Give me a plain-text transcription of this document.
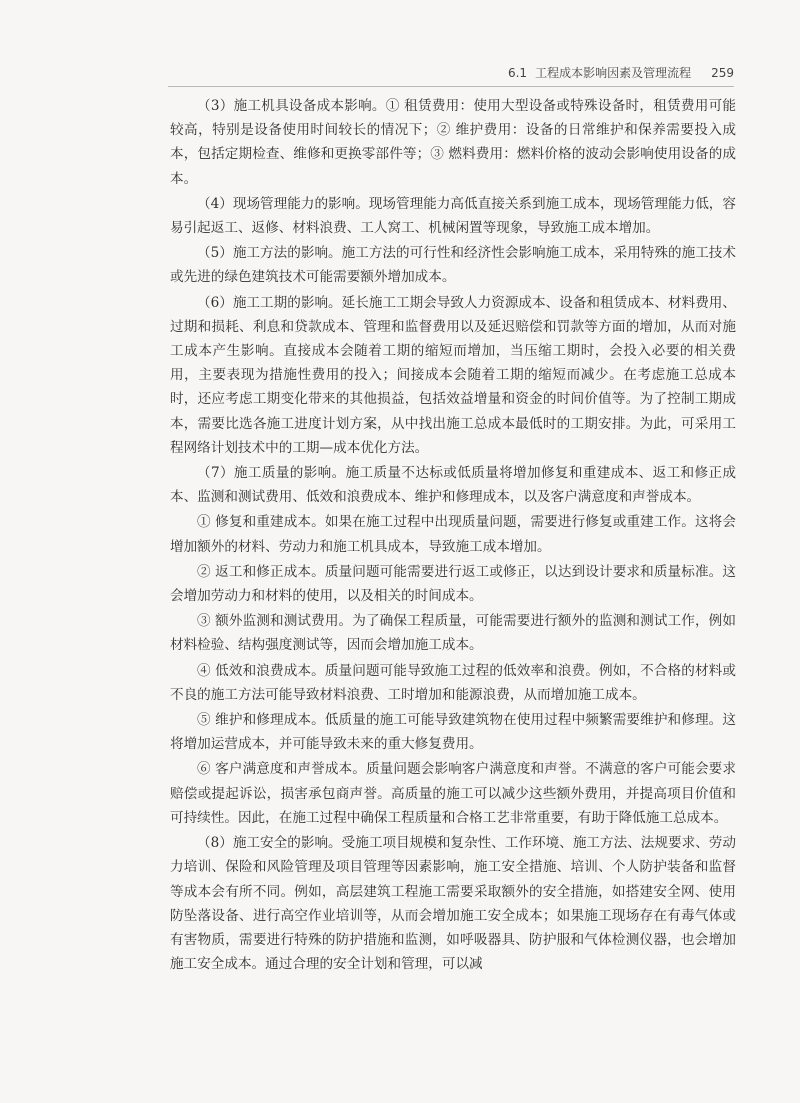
6.1 工程成本影响因素及管理流程 259

（3）施工机具设备成本影响。① 租赁费用：使用大型设备或特殊设备时，租赁费用可能较高，特别是设备使用时间较长的情况下；② 维护费用：设备的日常维护和保养需要投入成本，包括定期检查、维修和更换零部件等；③ 燃料费用：燃料价格的波动会影响使用设备的成本。

（4）现场管理能力的影响。现场管理能力高低直接关系到施工成本，现场管理能力低，容易引起返工、返修、材料浪费、工人窝工、机械闲置等现象，导致施工成本增加。

（5）施工方法的影响。施工方法的可行性和经济性会影响施工成本，采用特殊的施工技术或先进的绿色建筑技术可能需要额外增加成本。

（6）施工工期的影响。延长施工工期会导致人力资源成本、设备和租赁成本、材料费用、过期和损耗、利息和贷款成本、管理和监督费用以及延迟赔偿和罚款等方面的增加，从而对施工成本产生影响。直接成本会随着工期的缩短而增加，当压缩工期时，会投入必要的相关费用，主要表现为措施性费用的投入；间接成本会随着工期的缩短而减少。在考虑施工总成本时，还应考虑工期变化带来的其他损益，包括效益增量和资金的时间价值等。为了控制工期成本，需要比选各施工进度计划方案，从中找出施工总成本最低时的工期安排。为此，可采用工程网络计划技术中的工期—成本优化方法。

（7）施工质量的影响。施工质量不达标或低质量将增加修复和重建成本、返工和修正成本、监测和测试费用、低效和浪费成本、维护和修理成本，以及客户满意度和声誉成本。

① 修复和重建成本。如果在施工过程中出现质量问题，需要进行修复或重建工作。这将会增加额外的材料、劳动力和施工机具成本，导致施工成本增加。

② 返工和修正成本。质量问题可能需要进行返工或修正，以达到设计要求和质量标准。这会增加劳动力和材料的使用，以及相关的时间成本。

③ 额外监测和测试费用。为了确保工程质量，可能需要进行额外的监测和测试工作，例如材料检验、结构强度测试等，因而会增加施工成本。

④ 低效和浪费成本。质量问题可能导致施工过程的低效率和浪费。例如，不合格的材料或不良的施工方法可能导致材料浪费、工时增加和能源浪费，从而增加施工成本。

⑤ 维护和修理成本。低质量的施工可能导致建筑物在使用过程中频繁需要维护和修理。这将增加运营成本，并可能导致未来的重大修复费用。

⑥ 客户满意度和声誉成本。质量问题会影响客户满意度和声誉。不满意的客户可能会要求赔偿或提起诉讼，损害承包商声誉。高质量的施工可以减少这些额外费用，并提高项目价值和可持续性。因此，在施工过程中确保工程质量和合格工艺非常重要，有助于降低施工总成本。

（8）施工安全的影响。受施工项目规模和复杂性、工作环境、施工方法、法规要求、劳动力培训、保险和风险管理及项目管理等因素影响，施工安全措施、培训、个人防护装备和监督等成本会有所不同。例如，高层建筑工程施工需要采取额外的安全措施，如搭建安全网、使用防坠落设备、进行高空作业培训等，从而会增加施工安全成本；如果施工现场存在有毒气体或有害物质，需要进行特殊的防护措施和监测，如呼吸器具、防护服和气体检测仪器，也会增加施工安全成本。通过合理的安全计划和管理，可以减
